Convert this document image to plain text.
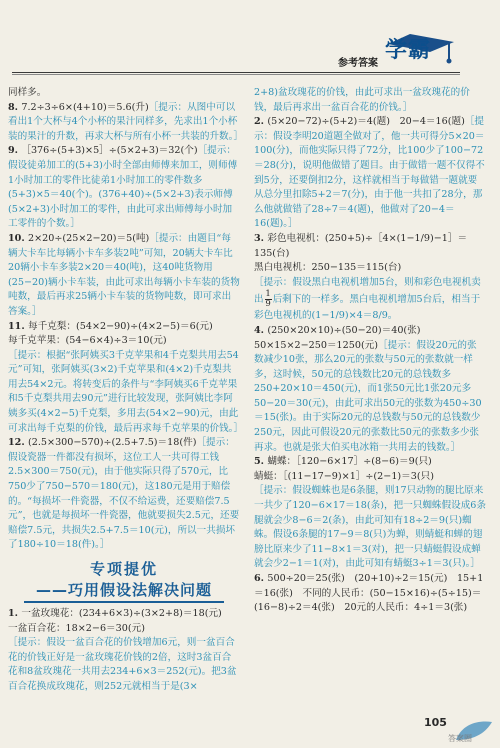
参考答案
学霸

同样多。

8. 7.2÷3÷6×(4+10)＝5.6(升)［提示：从图中可以看出1个大杯与4个小杯的果汁同样多，先求出1个小杯装的果汁的升数，再求大杯与所有小杯一共装的升数。］

9. ［376÷(5+3)×5］÷(5×2+3)＝32(个)［提示：假设徒弟加工的(5+3)小时全部由师傅来加工，则师傅1小时加工的零件比徒弟1小时加工的零件数多(5+3)×5＝40(个)。(376+40)÷(5×2+3)表示师傅(5×2+3)小时加工的零件，由此可求出师傅每小时加工零件的个数。］

10. 2×20÷(25×2−20)＝5(吨)［提示：由题目“每辆大卡车比每辆小卡车多装2吨”可知，20辆大卡车比20辆小卡车多装2×20＝40(吨)，这40吨货物用(25−20)辆小卡车装，由此可求出每辆小卡车装的货物吨数，最后再求25辆小卡车装的货物吨数，即可求出答案。］

11. 每千克梨：(54×2−90)÷(4×2−5)＝6(元)

每千克苹果：(54−6×4)÷3＝10(元)

［提示：根据“张阿姨买3千克苹果和4千克梨共用去54元”可知，张阿姨买(3×2)千克苹果和(4×2)千克梨共用去54×2元。将转变后的条件与“李阿姨买6千克苹果和5千克梨共用去90元”进行比较发现，张阿姨比李阿姨多买(4×2−5)千克梨，多用去(54×2−90)元，由此可求出每千克梨的价钱，最后再求每千克苹果的价钱。］

12. (2.5×300−570)÷(2.5+7.5)＝18(件)［提示：假设瓷器一件都没有损坏，这位工人一共可得工钱2.5×300＝750(元)，由于他实际只得了570元，比750少了750−570＝180(元)，这180元是用于赔偿的。“每损坏一件瓷器，不仅不给运费，还要赔偿7.5元”，也就是每损坏一件瓷器，他就要损失2.5元，还要赔偿7.5元，共损失2.5+7.5＝10(元)，所以一共损坏了180÷10＝18(件)。］

专项提优
——巧用假设法解决问题

1. 一盆玫瑰花：(234+6×3)÷(3×2+8)＝18(元)

一盆百合花：18×2−6＝30(元)

［提示：假设一盆百合花的价钱增加6元，则一盆百合花的价钱正好是一盆玫瑰花价钱的2倍，这时3盆百合花和8盆玫瑰花一共用去234+6×3＝252(元)。把3盆百合花换成玫瑰花，则252元就相当于是(3×

2+8)盆玫瑰花的价钱，由此可求出一盆玫瑰花的价钱，最后再求出一盆百合花的价钱。］

2. (5×20−72)÷(5+2)＝4(题)　20−4＝16(题)［提示：假设李明20道题全做对了，他一共可得分5×20＝100(分)，而他实际只得了72分，比100少了100−72＝28(分)，说明他做错了题目。由于做错一题不仅得不到5分，还要倒扣2分，这样就相当于每做错一题就要从总分里扣除5+2＝7(分)，由于他一共扣了28分，那么他就做错了28÷7＝4(题)，他做对了20−4＝16(题)。］

3. 彩色电视机：(250+5)÷［4×(1−1/9)−1］＝135(台)

黑白电视机：250−135＝115(台)

［提示：假设黑白电视机增加5台，则和彩色电视机卖出 $\frac{1}{9}$ 后剩下的一样多。黑白电视机增加5台后，相当于彩色电视机的(1−1/9)×4＝8/9。

4. (250×20×10)÷(50−20)＝40(张)　50×15×2−250＝1250(元)［提示：假设20元的张数减少10张，那么20元的张数与50元的张数就一样多，这时候，50元的总钱数比20元的总钱数多250+20×10＝450(元)，而1张50元比1张20元多50−20＝30(元)，由此可求出50元的张数为450÷30＝15(张)。由于实际20元的总钱数与50元的总钱数少250元，因此可假设20元的张数比50元的张数多少张再求。也就是张大伯买电冰箱一共用去的钱数。］

5. 蝴蝶：［120−6×17］÷(8−6)＝9(只)

蜻蜓：［(11−17−9)×1］÷(2−1)＝3(只)

［提示：假设蜘蛛也是6条腿，则17只动物的腿比原来一共少了120−6×17＝18(条)，把一只蜘蛛假设成6条腿就会少8−6＝2(条)，由此可知有18÷2＝9(只)蜘蛛。假设6条腿的17−9＝8(只)为蝉，则蜻蜓和蝉的翅膀比原来少了11−8×1＝3(对)，把一只蜻蜓假设成蝉就会少2−1＝1(对)，由此可知有蜻蜓3÷1＝3(只)。］

6. 500÷20＝25(张)　(20+10)÷2＝15(元)　15+1＝16(张)　不同的人民币：(50−15×16)÷(5÷15)＝(16−8)÷2＝4(张)　20元的人民币：4÷1＝3(张)

105
答案圈
